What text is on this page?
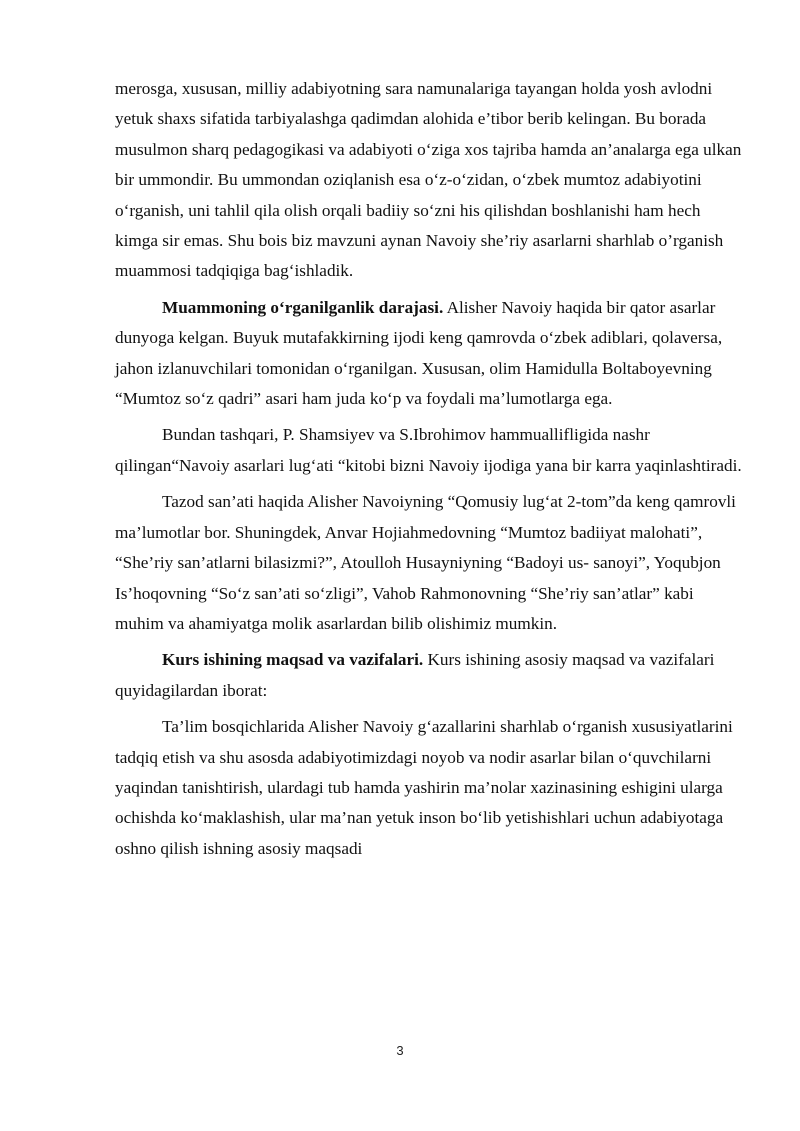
merosga, xususan, milliy adabiyotning sara namunalariga tayangan holda yosh avlodni yetuk shaxs sifatida tarbiyalashga qadimdan alohida e’tibor berib kelingan. Bu borada musulmon sharq pedagogikasi va adabiyoti o‘ziga xos tajriba hamda an’analarga ega ulkan bir ummondir. Bu ummondan oziqlanish esa o‘z-o‘zidan, o‘zbek mumtoz adabiyotini o‘rganish, uni tahlil qila olish orqali badiiy so‘zni his qilishdan boshlanishi ham hech kimga sir emas. Shu bois biz mavzuni aynan Navoiy she’riy asarlarni sharhlab o’rganish muammosi tadqiqiga bag‘ishladik.

Muammoning o‘rganilganlik darajasi. Alisher Navoiy haqida bir qator asarlar dunyoga kelgan. Buyuk mutafakkirning ijodi keng qamrovda o‘zbek adiblari, qolaversa, jahon izlanuvchilari tomonidan o‘rganilgan. Xususan, olim Hamidulla Boltaboyevning “Mumtoz so‘z qadri” asari ham juda ko‘p va foydali ma’lumotlarga ega.

Bundan tashqari, P. Shamsiyev va S.Ibrohimov hammuallifligida nashr qilingan“Navoiy asarlari lug‘ati “kitobi bizni Navoiy ijodiga yana bir karra yaqinlashtiradi.

Tazod san’ati haqida Alisher Navoiyning “Qomusiy lug‘at 2-tom”da keng qamrovli ma’lumotlar bor. Shuningdek, Anvar Hojiahmedovning “Mumtoz badiiyat malohati”, “She’riy san’atlarni bilasizmi?”, Atoulloh Husayniyning “Badoyi us- sanoyi”, Yoqubjon Is’hoqovning “So‘z san’ati so‘zligi”, Vahob Rahmonovning “She’riy san’atlar” kabi muhim va ahamiyatga molik asarlardan bilib olishimiz mumkin.

Kurs ishining maqsad va vazifalari. Kurs ishining asosiy maqsad va vazifalari quyidagilardan iborat:

Ta’lim bosqichlarida Alisher Navoiy g‘azallarini sharhlab o‘rganish xususiyatlarini tadqiq etish va shu asosda adabiyotimizdagi noyob va nodir asarlar bilan o‘quvchilarni yaqindan tanishtirish, ulardagi tub hamda yashirin ma’nolar xazinasining eshigini ularga ochishda ko‘maklashish, ular ma’nan yetuk inson bo‘lib yetishishlari uchun adabiyotaga oshno qilish ishning asosiy maqsadi

3
